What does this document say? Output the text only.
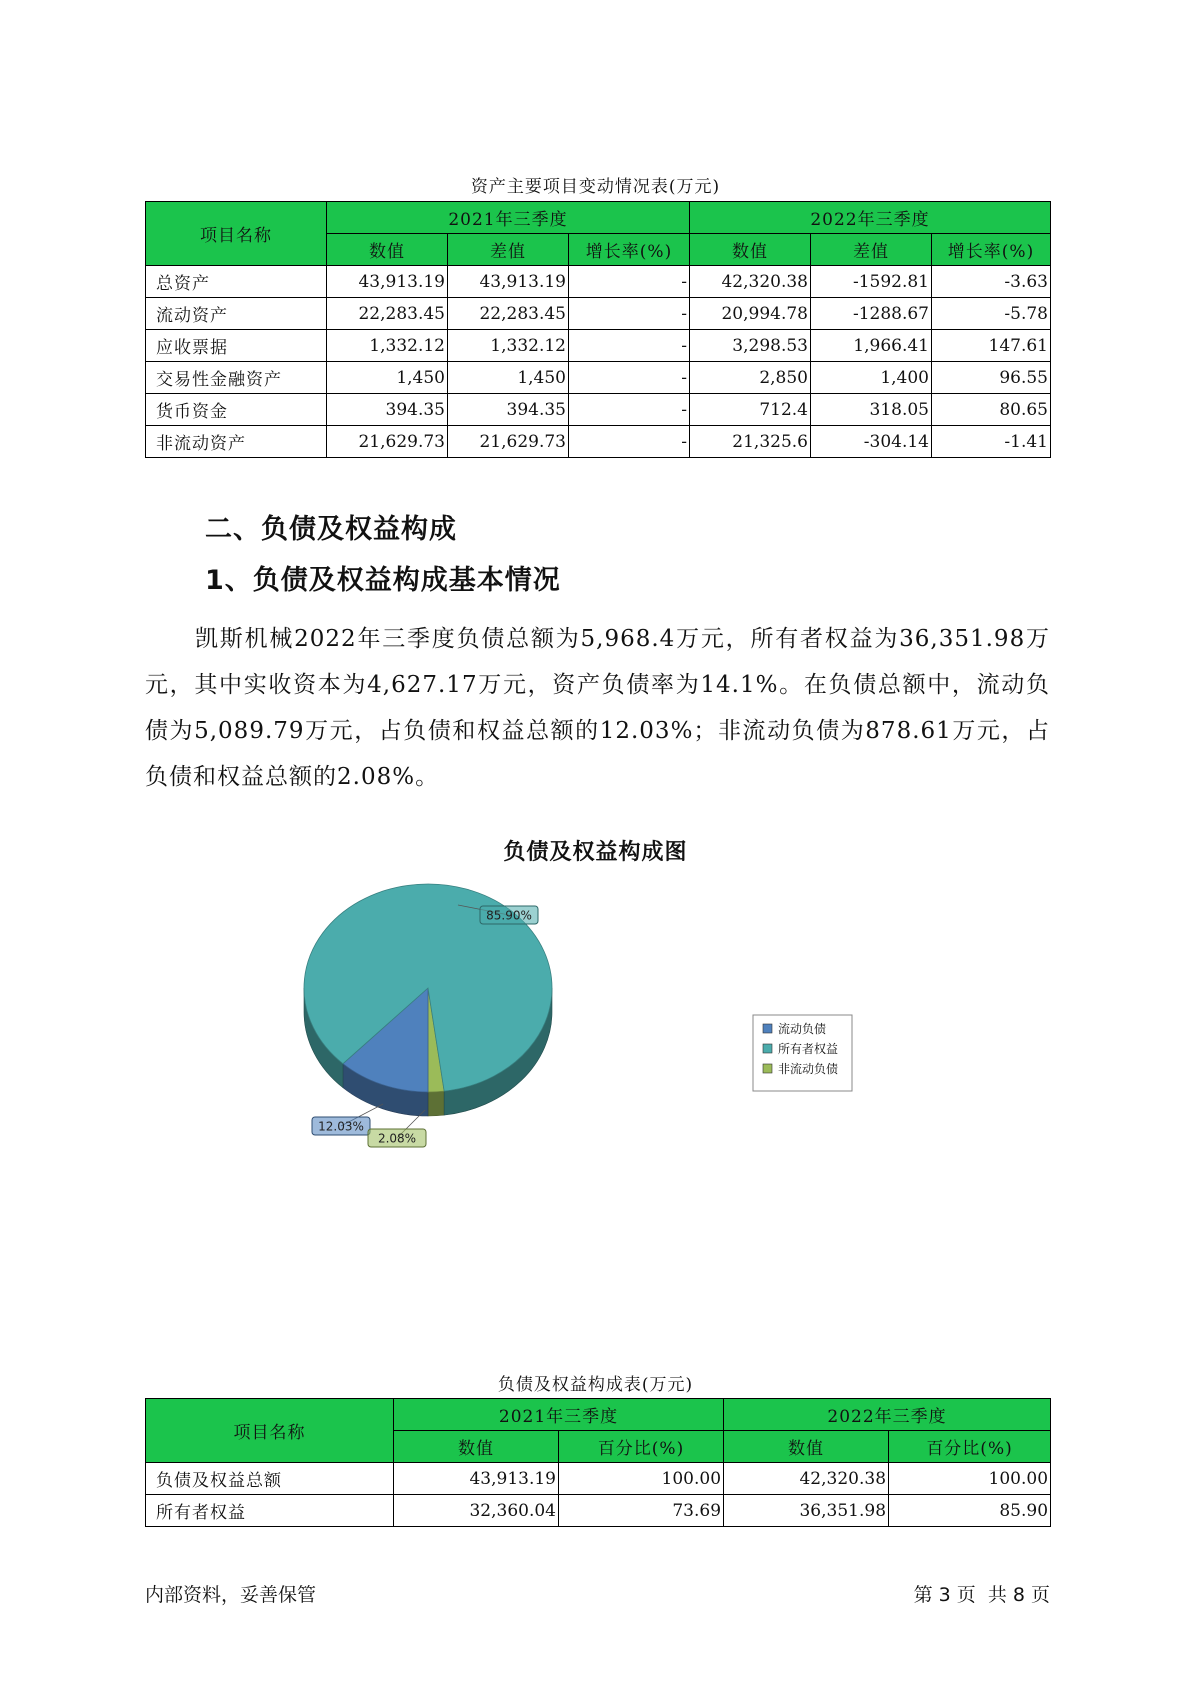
资产主要项目变动情况表(万元)
项目名称	2021年三季度			2022年三季度		
	数值	差值	增长率(%)	数值	差值	增长率(%)
总资产	43,913.19	43,913.19	-	42,320.38	-1592.81	-3.63
流动资产	22,283.45	22,283.45	-	20,994.78	-1288.67	-5.78
应收票据	1,332.12	1,332.12	-	3,298.53	1,966.41	147.61
交易性金融资产	1,450	1,450	-	2,850	1,400	96.55
货币资金	394.35	394.35	-	712.4	318.05	80.65
非流动资产	21,629.73	21,629.73	-	21,325.6	-304.14	-1.41
二、负债及权益构成
1、负债及权益构成基本情况

凯斯机械2022年三季度负债总额为5,968.4万元，所有者权益为36,351.98万元，其中实收资本为4,627.17万元，资产负债率为14.1%。在负债总额中，流动负债为5,089.79万元，占负债和权益总额的12.03%；非流动负债为878.61万元，占负债和权益总额的2.08%。

负债及权益构成图
85.90%
12.03%
2.08%
流动负债
所有者权益
非流动负债
负债及权益构成表(万元)
项目名称	2021年三季度		2022年三季度	
	数值	百分比(%)	数值	百分比(%)
负债及权益总额	43,913.19	100.00	42,320.38	100.00
所有者权益	32,360.04	73.69	36,351.98	85.90
内部资料，妥善保管	第 3 页  共 8 页
